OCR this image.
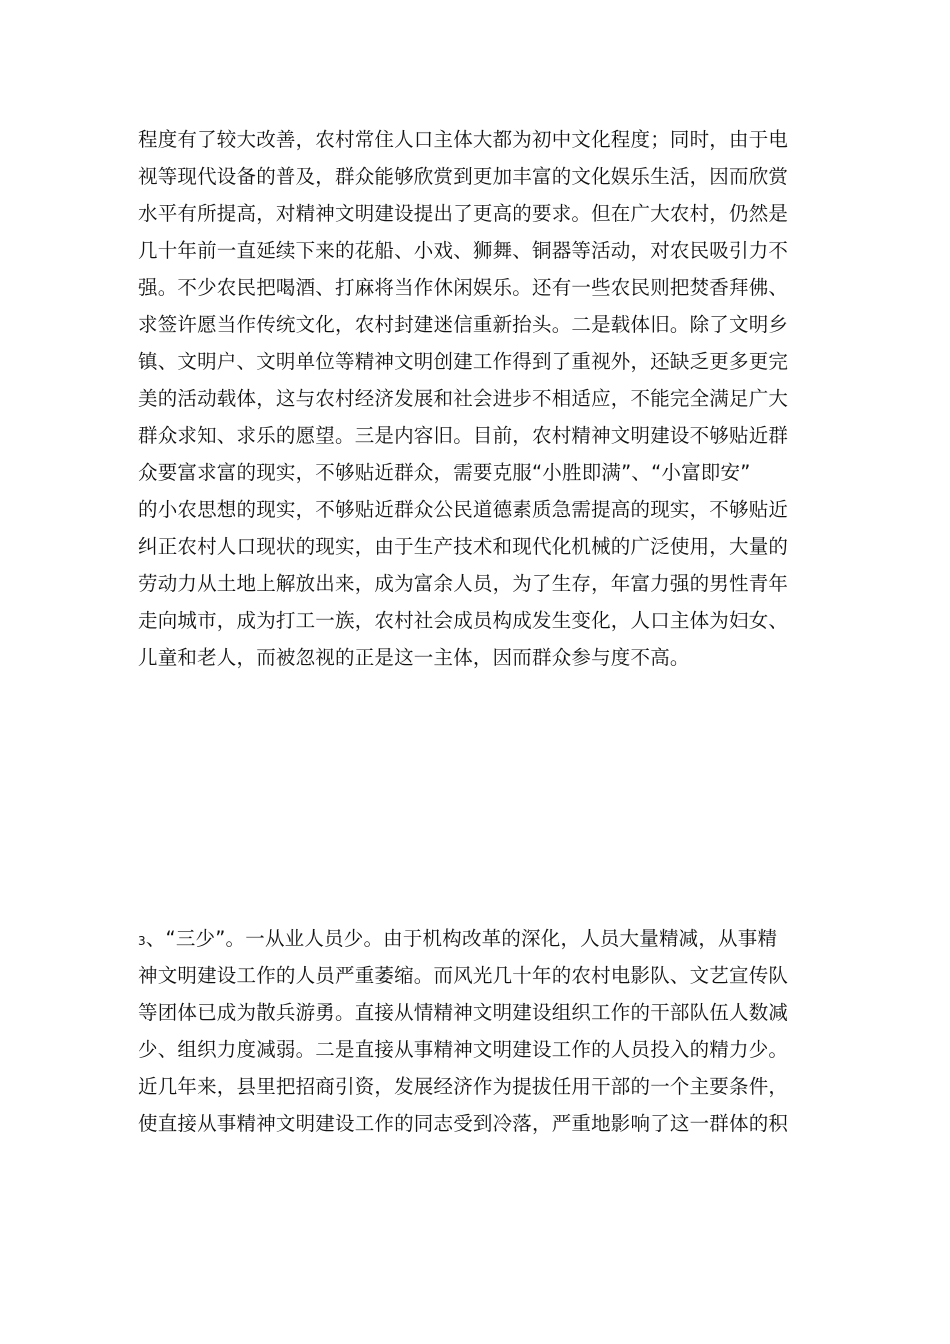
程度有了较大改善，农村常住人口主体大都为初中文化程度；同时，由于电
视等现代设备的普及，群众能够欣赏到更加丰富的文化娱乐生活，因而欣赏
水平有所提高，对精神文明建设提出了更高的要求。但在广大农村，仍然是
几十年前一直延续下来的花船、小戏、狮舞、铜器等活动，对农民吸引力不
强。不少农民把喝酒、打麻将当作休闲娱乐。还有一些农民则把焚香拜佛、
求签许愿当作传统文化，农村封建迷信重新抬头。二是载体旧。除了文明乡
镇、文明户、文明单位等精神文明创建工作得到了重视外，还缺乏更多更完
美的活动载体，这与农村经济发展和社会进步不相适应，不能完全满足广大
群众求知、求乐的愿望。三是内容旧。目前，农村精神文明建设不够贴近群
众要富求富的现实，不够贴近群众，需要克服“小胜即满”、“小富即安”
的小农思想的现实，不够贴近群众公民道德素质急需提高的现实，不够贴近
纠正农村人口现状的现实，由于生产技术和现代化机械的广泛使用，大量的
劳动力从土地上解放出来，成为富余人员，为了生存，年富力强的男性青年
走向城市，成为打工一族，农村社会成员构成发生变化，人口主体为妇女、
儿童和老人，而被忽视的正是这一主体，因而群众参与度不高。
3、“三少”。一从业人员少。由于机构改革的深化，人员大量精减，从事精
神文明建设工作的人员严重萎缩。而风光几十年的农村电影队、文艺宣传队
等团体已成为散兵游勇。直接从情精神文明建设组织工作的干部队伍人数减
少、组织力度减弱。二是直接从事精神文明建设工作的人员投入的精力少。
近几年来，县里把招商引资，发展经济作为提拔任用干部的一个主要条件，
使直接从事精神文明建设工作的同志受到冷落，严重地影响了这一群体的积
